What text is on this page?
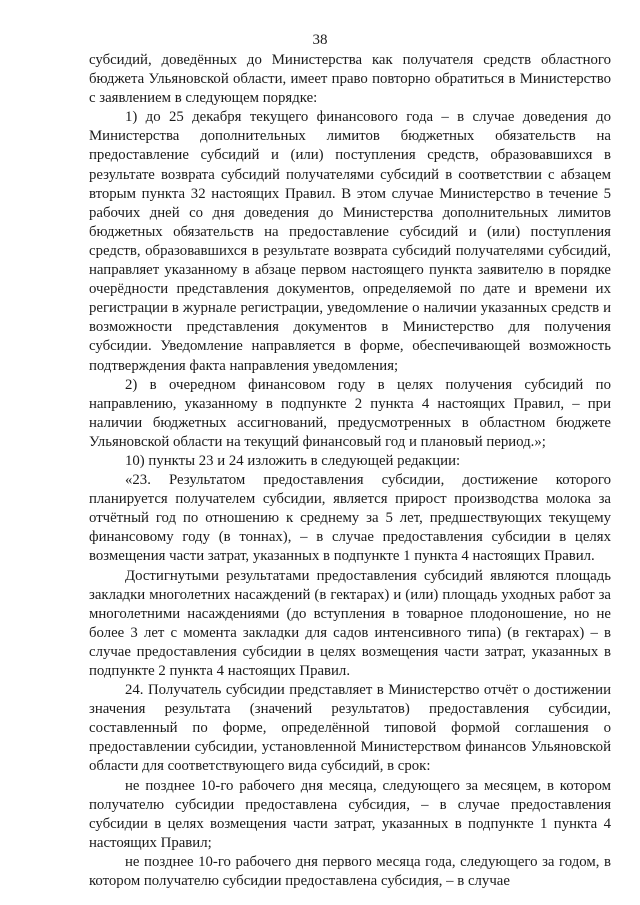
38

субсидий, доведённых до Министерства как получателя средств областного бюджета Ульяновской области, имеет право повторно обратиться в Министерство с заявлением в следующем порядке:

1) до 25 декабря текущего финансового года – в случае доведения до Министерства дополнительных лимитов бюджетных обязательств на предоставление субсидий и (или) поступления средств, образовавшихся в результате возврата субсидий получателями субсидий в соответствии с абзацем вторым пункта 32 настоящих Правил. В этом случае Министерство в течение 5 рабочих дней со дня доведения до Министерства дополнительных лимитов бюджетных обязательств на предоставление субсидий и (или) поступления средств, образовавшихся в результате возврата субсидий получателями субсидий, направляет указанному в абзаце первом настоящего пункта заявителю в порядке очерёдности представления документов, определяемой по дате и времени их регистрации в журнале регистрации, уведомление о наличии указанных средств и возможности представления документов в Министерство для получения субсидии. Уведомление направляется в форме, обеспечивающей возможность подтверждения факта направления уведомления;

2) в очередном финансовом году в целях получения субсидий по направлению, указанному в подпункте 2 пункта 4 настоящих Правил, – при наличии бюджетных ассигнований, предусмотренных в областном бюджете Ульяновской области на текущий финансовый год и плановый период.»;

10) пункты 23 и 24 изложить в следующей редакции:

«23. Результатом предоставления субсидии, достижение которого планируется получателем субсидии, является прирост производства молока за отчётный год по отношению к среднему за 5 лет, предшествующих текущему финансовому году (в тоннах), – в случае предоставления субсидии в целях возмещения части затрат, указанных в подпункте 1 пункта 4 настоящих Правил.

Достигнутыми результатами предоставления субсидий являются площадь закладки многолетних насаждений (в гектарах) и (или) площадь уходных работ за многолетними насаждениями (до вступления в товарное плодоношение, но не более 3 лет с момента закладки для садов интенсивного типа) (в гектарах) – в случае предоставления субсидии в целях возмещения части затрат, указанных в подпункте 2 пункта 4 настоящих Правил.

24. Получатель субсидии представляет в Министерство отчёт о достижении значения результата (значений результатов) предоставления субсидии, составленный по форме, определённой типовой формой соглашения о предоставлении субсидии, установленной Министерством финансов Ульяновской области для соответствующего вида субсидий, в срок:

не позднее 10-го рабочего дня месяца, следующего за месяцем, в котором получателю субсидии предоставлена субсидия, – в случае предоставления субсидии в целях возмещения части затрат, указанных в подпункте 1 пункта 4 настоящих Правил;

не позднее 10-го рабочего дня первого месяца года, следующего за годом, в котором получателю субсидии предоставлена субсидия, – в случае
